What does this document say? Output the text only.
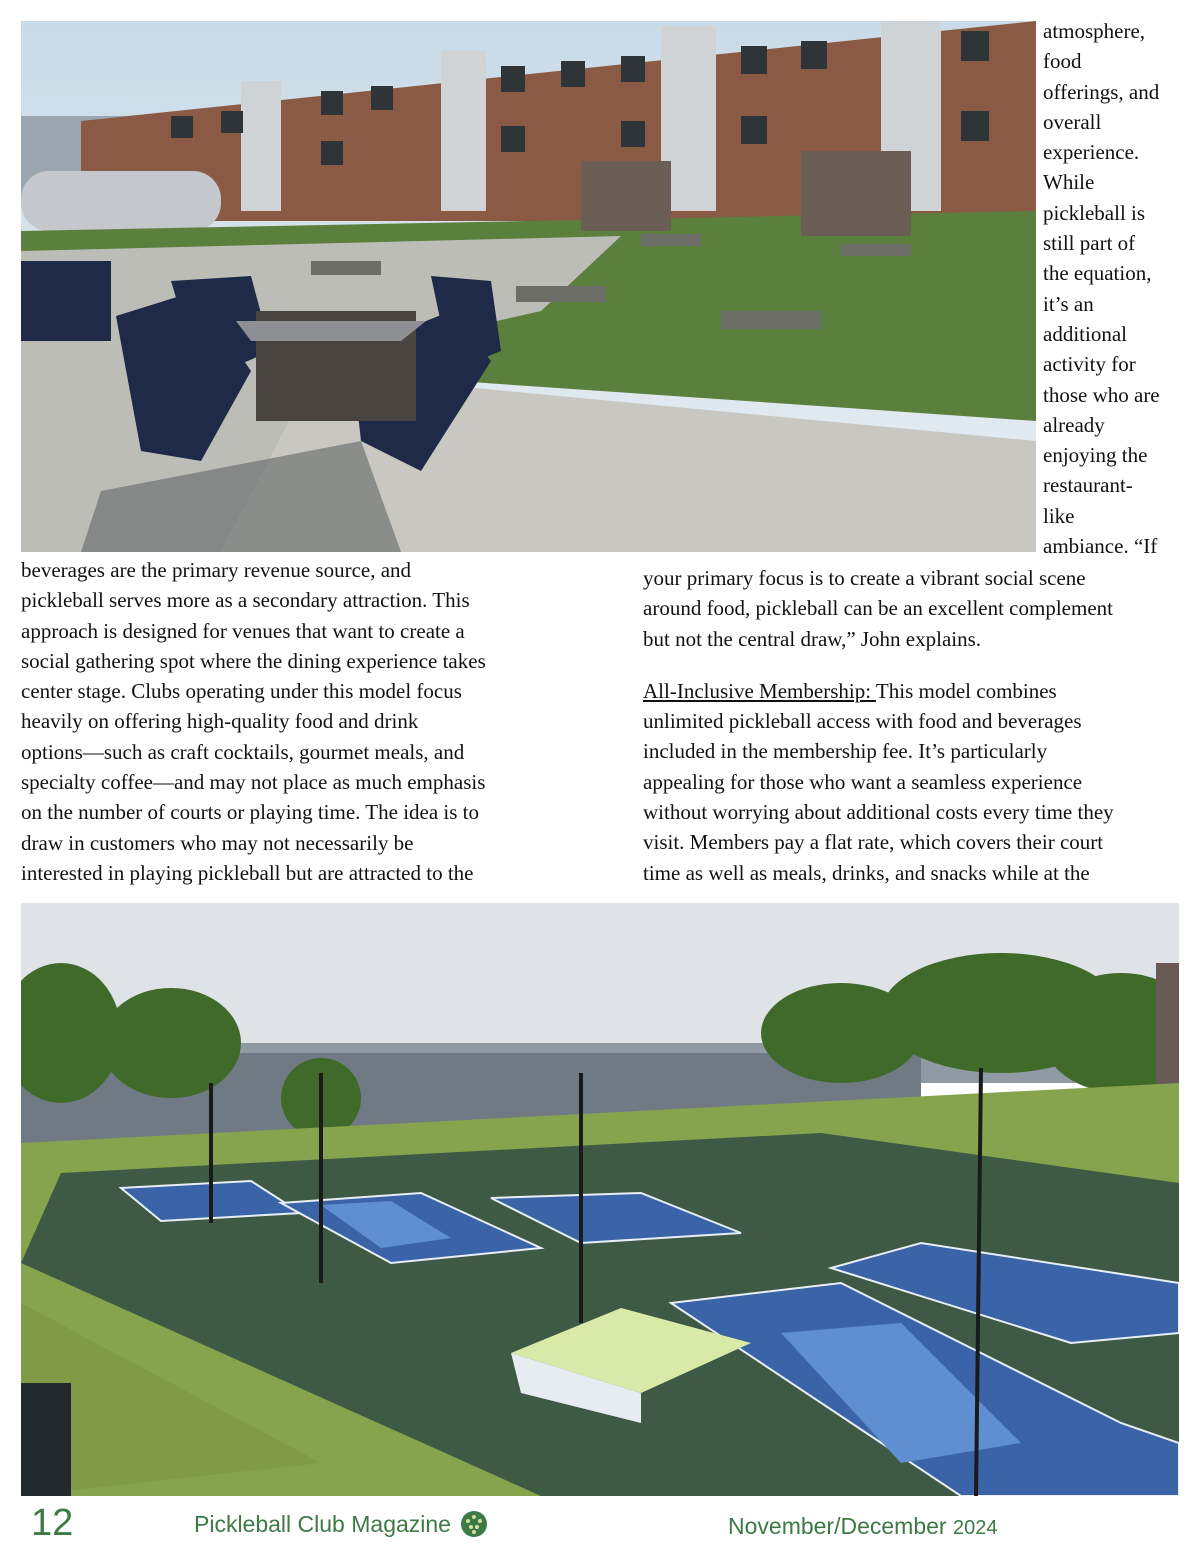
atmosphere,
food
offerings, and
overall
experience.
While
pickleball is
still part of
the equation,
it’s an
additional
activity for
those who are
already
enjoying the
restaurant-
like
ambiance. “If
beverages are the primary revenue source, and
pickleball serves more as a secondary attraction. This
approach is designed for venues that want to create a
social gathering spot where the dining experience takes
center stage. Clubs operating under this model focus
heavily on offering high-quality food and drink
options—such as craft cocktails, gourmet meals, and
specialty coffee—and may not place as much emphasis
on the number of courts or playing time. The idea is to
draw in customers who may not necessarily be
interested in playing pickleball but are attracted to the

your primary focus is to create a vibrant social scene
around food, pickleball can be an excellent complement
but not the central draw,” John explains.

All-Inclusive Membership: This model combines
unlimited pickleball access with food and beverages
included in the membership fee. It’s particularly
appealing for those who want a seamless experience
without worrying about additional costs every time they
visit. Members pay a flat rate, which covers their court
time as well as meals, drinks, and snacks while at the

12	Pickleball Club Magazine	November/December 2024
